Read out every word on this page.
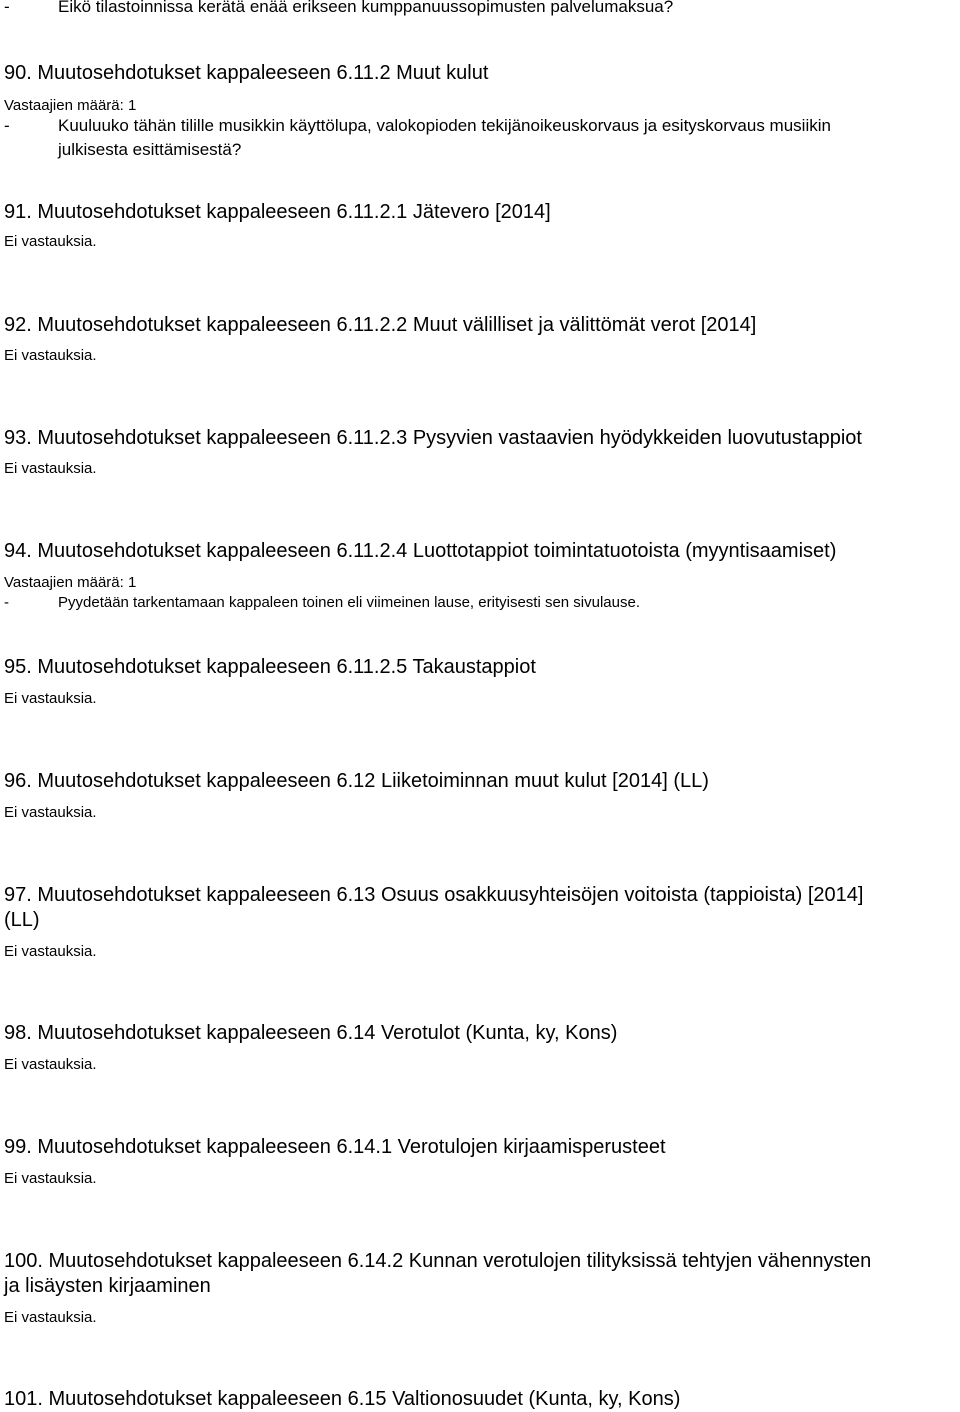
-	Eikö tilastoinnissa kerätä enää erikseen kumppanuussopimusten palvelumaksua?
90. Muutosehdotukset kappaleeseen 6.11.2 Muut kulut
Vastaajien määrä: 1
-	Kuuluuko tähän tilille musikkin käyttölupa, valokopioden tekijänoikeuskorvaus ja esityskorvaus musiikin
julkisesta esittämisestä?
91. Muutosehdotukset kappaleeseen 6.11.2.1 Jätevero [2014]
Ei vastauksia.
92. Muutosehdotukset kappaleeseen 6.11.2.2 Muut välilliset ja välittömät verot [2014]
Ei vastauksia.
93. Muutosehdotukset kappaleeseen 6.11.2.3 Pysyvien vastaavien hyödykkeiden luovutustappiot
Ei vastauksia.
94. Muutosehdotukset kappaleeseen 6.11.2.4 Luottotappiot toimintatuotoista (myyntisaamiset)
Vastaajien määrä: 1
-	Pyydetään tarkentamaan kappaleen toinen eli viimeinen lause, erityisesti sen sivulause.
95. Muutosehdotukset kappaleeseen 6.11.2.5 Takaustappiot
Ei vastauksia.
96. Muutosehdotukset kappaleeseen 6.12 Liiketoiminnan muut kulut [2014] (LL)
Ei vastauksia.
97. Muutosehdotukset kappaleeseen 6.13 Osuus osakkuusyhteisöjen voitoista (tappioista) [2014]
(LL)
Ei vastauksia.
98. Muutosehdotukset kappaleeseen 6.14 Verotulot (Kunta, ky, Kons)
Ei vastauksia.
99. Muutosehdotukset kappaleeseen 6.14.1 Verotulojen kirjaamisperusteet
Ei vastauksia.
100. Muutosehdotukset kappaleeseen 6.14.2 Kunnan verotulojen tilityksissä tehtyjen vähennysten
ja lisäysten kirjaaminen
Ei vastauksia.
101. Muutosehdotukset kappaleeseen 6.15 Valtionosuudet (Kunta, ky, Kons)
